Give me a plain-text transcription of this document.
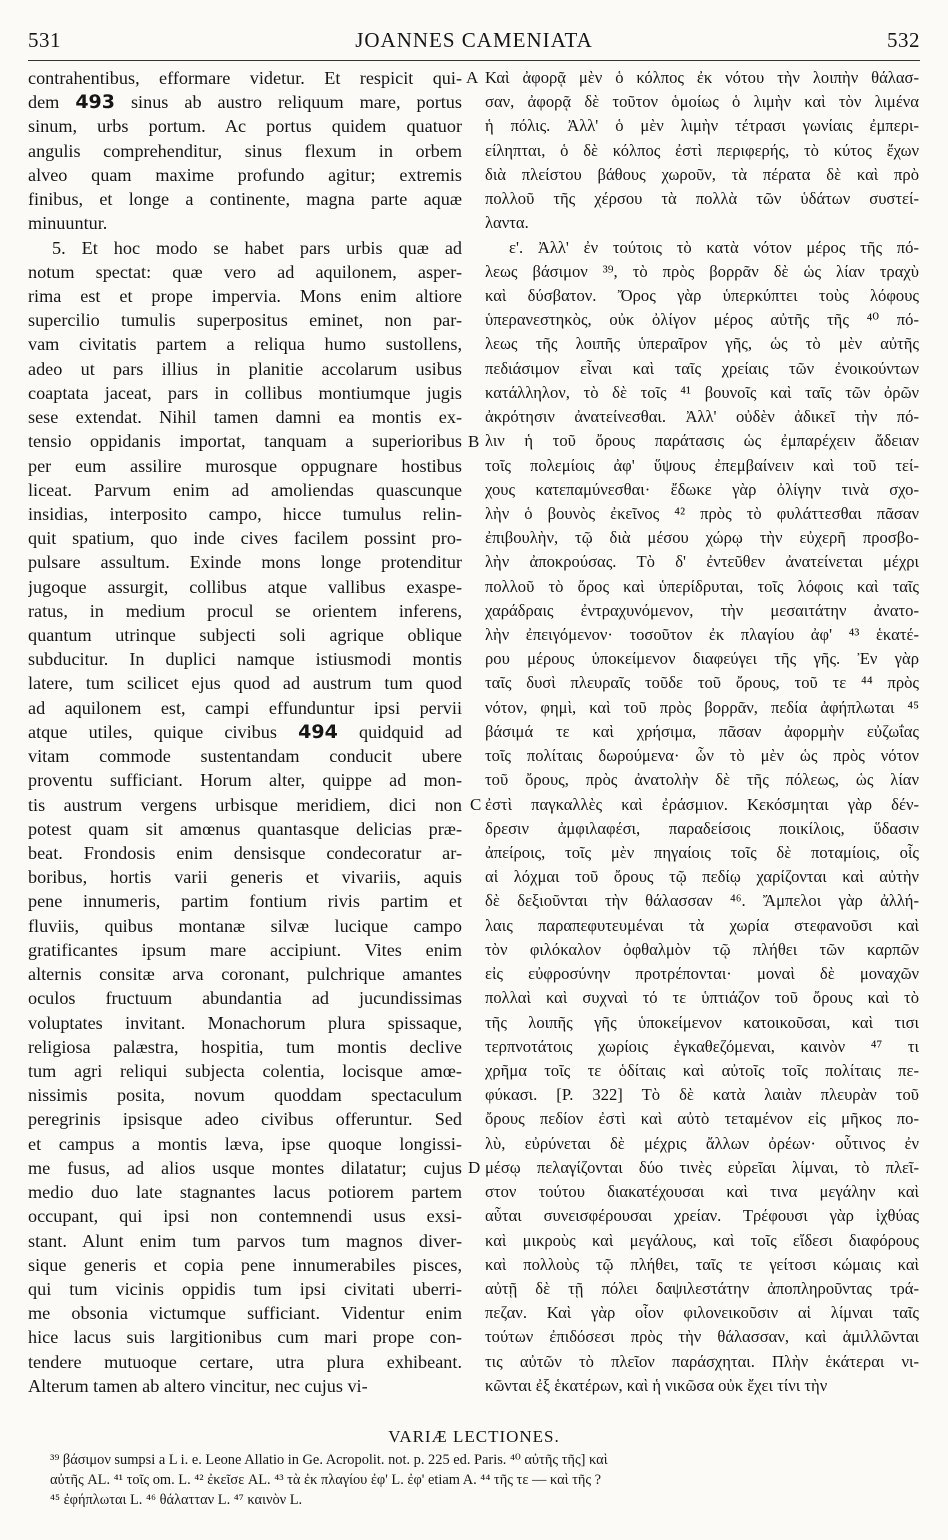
531	JOANNES CAMENIATA	532
contrahentibus, efformare videtur. Et respicit qui-
dem 493 sinus ab austro reliquum mare, portus
sinum, urbs portum. Ac portus quidem quatuor
angulis comprehenditur, sinus flexum in orbem
alveo quam maxime profundo agitur; extremis
finibus, et longe a continente, magna parte aquæ
minuuntur.
5. Et hoc modo se habet pars urbis quæ ad
notum spectat: quæ vero ad aquilonem, asper-
rima est et prope impervia. Mons enim altiore
supercilio tumulis superpositus eminet, non par-
vam civitatis partem a reliqua humo sustollens,
adeo ut pars illius in planitie accolarum usibus
coaptata jaceat, pars in collibus montiumque jugis
sese extendat. Nihil tamen damni ea montis ex-
tensio oppidanis importat, tanquam a superioribus
per eum assilire murosque oppugnare hostibus
liceat. Parvum enim ad amoliendas quascunque
insidias, interposito campo, hicce tumulus relin-
quit spatium, quo inde cives facilem possint pro-
pulsare assultum. Exinde mons longe protenditur
jugoque assurgit, collibus atque vallibus exaspe-
ratus, in medium procul se orientem inferens,
quantum utrinque subjecti soli agrique oblique
subducitur. In duplici namque istiusmodi montis
latere, tum scilicet ejus quod ad austrum tum quod
ad aquilonem est, campi effunduntur ipsi pervii
atque utiles, quique civibus 494 quidquid ad
vitam commode sustentandam conducit ubere
proventu sufficiant. Horum alter, quippe ad mon-
tis austrum vergens urbisque meridiem, dici non
potest quam sit amœnus quantasque delicias præ-
beat. Frondosis enim densisque condecoratur ar-
boribus, hortis varii generis et vivariis, aquis
pene innumeris, partim fontium rivis partim et
fluviis, quibus montanæ silvæ lucique campo
gratificantes ipsum mare accipiunt. Vites enim
alternis consitæ arva coronant, pulchrique amantes
oculos fructuum abundantia ad jucundissimas
voluptates invitant. Monachorum plura spissaque,
religiosa palæstra, hospitia, tum montis declive
tum agri reliqui subjecta colentia, locisque amœ-
nissimis posita, novum quoddam spectaculum
peregrinis ipsisque adeo civibus offeruntur. Sed
et campus a montis læva, ipse quoque longissi-
me fusus, ad alios usque montes dilatatur; cujus
medio duo late stagnantes lacus potiorem partem
occupant, qui ipsi non contemnendi usus exsi-
stant. Alunt enim tum parvos tum magnos diver-
sique generis et copia pene innumerabiles pisces,
qui tum vicinis oppidis tum ipsi civitati uberri-
me obsonia victumque sufficiant. Videntur enim
hice lacus suis largitionibus cum mari prope con-
tendere mutuoque certare, utra plura exhibeant.
Alterum tamen ab altero vincitur, nec cujus vi-
Καὶ ἀφορᾷ μὲν ὁ κόλπος ἐκ νότου τὴν λοιπὴν θάλασ-
σαν, ἀφορᾷ δὲ τοῦτον ὁμοίως ὁ λιμὴν καὶ τὸν λιμένα
ἡ πόλις. Ἀλλ' ὁ μὲν λιμὴν τέτρασι γωνίαις ἐμπερι-
είληπται, ὁ δὲ κόλπος ἐστὶ περιφερής, τὸ κύτος ἔχων
διὰ πλείστου βάθους χωροῦν, τὰ πέρατα δὲ καὶ πρὸ
πολλοῦ τῆς χέρσου τὰ πολλὰ τῶν ὑδάτων συστεί-
λαντα.
ε'. Ἀλλ' ἐν τούτοις τὸ κατὰ νότον μέρος τῆς πό-
λεως βάσιμον ³⁹, τὸ πρὸς βορρᾶν δὲ ὡς λίαν τραχὺ
καὶ δύσβατον. Ὄρος γὰρ ὑπερκύπτει τοὺς λόφους
ὑπερανεστηκὸς, οὐκ ὀλίγον μέρος αὐτῆς τῆς ⁴⁰ πό-
λεως τῆς λοιπῆς ὑπεραῖρον γῆς, ὡς τὸ μὲν αὐτῆς
πεδιάσιμον εἶναι καὶ ταῖς χρείαις τῶν ἐνοικούντων
κατάλληλον, τὸ δὲ τοῖς ⁴¹ βουνοῖς καὶ ταῖς τῶν ὀρῶν
ἀκρότησιν ἀνατείνεσθαι. Ἀλλ' οὐδὲν ἀδικεῖ τὴν πό-
λιν ἡ τοῦ ὄρους παράτασις ὡς ἐμπαρέχειν ἄδειαν
τοῖς πολεμίοις ἀφ' ὕψους ἐπεμβαίνειν καὶ τοῦ τεί-
χους κατεπαμύνεσθαι· ἔδωκε γὰρ ὀλίγην τινὰ σχο-
λὴν ὁ βουνὸς ἐκεῖνος ⁴² πρὸς τὸ φυλάττεσθαι πᾶσαν
ἐπιβουλὴν, τῷ διὰ μέσου χώρῳ τὴν εὐχερῆ προσβο-
λὴν ἀποκρούσας. Τὸ δ' ἐντεῦθεν ἀνατείνεται μέχρι
πολλοῦ τὸ ὄρος καὶ ὑπερίδρυται, τοῖς λόφοις καὶ ταῖς
χαράδραις ἐντραχυνόμενον, τὴν μεσαιτάτην ἀνατο-
λὴν ἐπειγόμενον· τοσοῦτον ἐκ πλαγίου ἀφ' ⁴³ ἑκατέ-
ρου μέρους ὑποκείμενον διαφεύγει τῆς γῆς. Ἐν γὰρ
ταῖς δυσὶ πλευραῖς τοῦδε τοῦ ὄρους, τοῦ τε ⁴⁴ πρὸς
νότον, φημὶ, καὶ τοῦ πρὸς βορρᾶν, πεδία ἀφήπλωται ⁴⁵
βάσιμά τε καὶ χρήσιμα, πᾶσαν ἀφορμὴν εὐζωΐας
τοῖς πολίταις δωρούμενα· ὧν τὸ μὲν ὡς πρὸς νότον
τοῦ ὄρους, πρὸς ἀνατολὴν δὲ τῆς πόλεως, ὡς λίαν
ἐστὶ παγκαλλὲς καὶ ἐράσμιον. Κεκόσμηται γὰρ δέν-
δρεσιν ἀμφιλαφέσι, παραδείσοις ποικίλοις, ὕδασιν
ἀπείροις, τοῖς μὲν πηγαίοις τοῖς δὲ ποταμίοις, οἷς
αἱ λόχμαι τοῦ ὄρους τῷ πεδίῳ χαρίζονται καὶ αὐτὴν
δὲ δεξιοῦνται τὴν θάλασσαν ⁴⁶. Ἄμπελοι γὰρ ἀλλή-
λαις παραπεφυτευμέναι τὰ χωρία στεφανοῦσι καὶ
τὸν φιλόκαλον ὀφθαλμὸν τῷ πλήθει τῶν καρπῶν
εἰς εὐφροσύνην προτρέπονται· μοναὶ δὲ μοναχῶν
πολλαὶ καὶ συχναὶ τό τε ὑπτιάζον τοῦ ὄρους καὶ τὸ
τῆς λοιπῆς γῆς ὑποκείμενον κατοικοῦσαι, καὶ τισι
τερπνοτάτοις χωρίοις ἐγκαθεζόμεναι, καινὸν ⁴⁷ τι
χρῆμα τοῖς τε ὁδίταις καὶ αὐτοῖς τοῖς πολίταις πε-
φύκασι. [P. 322] Τὸ δὲ κατὰ λαιὰν πλευρὰν τοῦ
ὄρους πεδίον ἐστὶ καὶ αὐτὸ τεταμένον εἰς μῆκος πο-
λὺ, εὐρύνεται δὲ μέχρις ἄλλων ὀρέων· οὗτινος ἐν
μέσῳ πελαγίζονται δύο τινὲς εὐρεῖαι λίμναι, τὸ πλεῖ-
στον τούτου διακατέχουσαι καὶ τινα μεγάλην καὶ
αὗται συνεισφέρουσαι χρείαν. Τρέφουσι γὰρ ἰχθύας
καὶ μικροὺς καὶ μεγάλους, καὶ τοῖς εἴδεσι διαφόρους
καὶ πολλοὺς τῷ πλήθει, ταῖς τε γείτοσι κώμαις καὶ
αὐτῇ δὲ τῇ πόλει δαψιλεστάτην ἀποπληροῦντας τρά-
πεζαν. Καὶ γὰρ οἷον φιλονεικοῦσιν αἱ λίμναι ταῖς
τούτων ἐπιδόσεσι πρὸς τὴν θάλασσαν, καὶ ἁμιλλῶνται
τις αὐτῶν τὸ πλεῖον παράσχηται. Πλὴν ἑκάτεραι νι-
κῶνται ἐξ ἑκατέρων, καὶ ἡ νικῶσα οὐκ ἔχει τίνι τὴν
A
B
C
D
VARIÆ LECTIONES.
³⁹ βάσιμον sumpsi a L i. e. Leone Allatio in Ge. Acropolit. not. p. 225 ed. Paris. ⁴⁰ αὐτῆς τῆς] καὶ
αὐτῆς AL. ⁴¹ τοῖς om. L. ⁴² ἐκεῖσε AL. ⁴³ τὰ ἐκ πλαγίου ἐφ' L. ἐφ' etiam A. ⁴⁴ τῆς τε — καὶ τῆς ?
⁴⁵ ἐφήπλωται L. ⁴⁶ θάλατταν L. ⁴⁷ καινὸν L.
